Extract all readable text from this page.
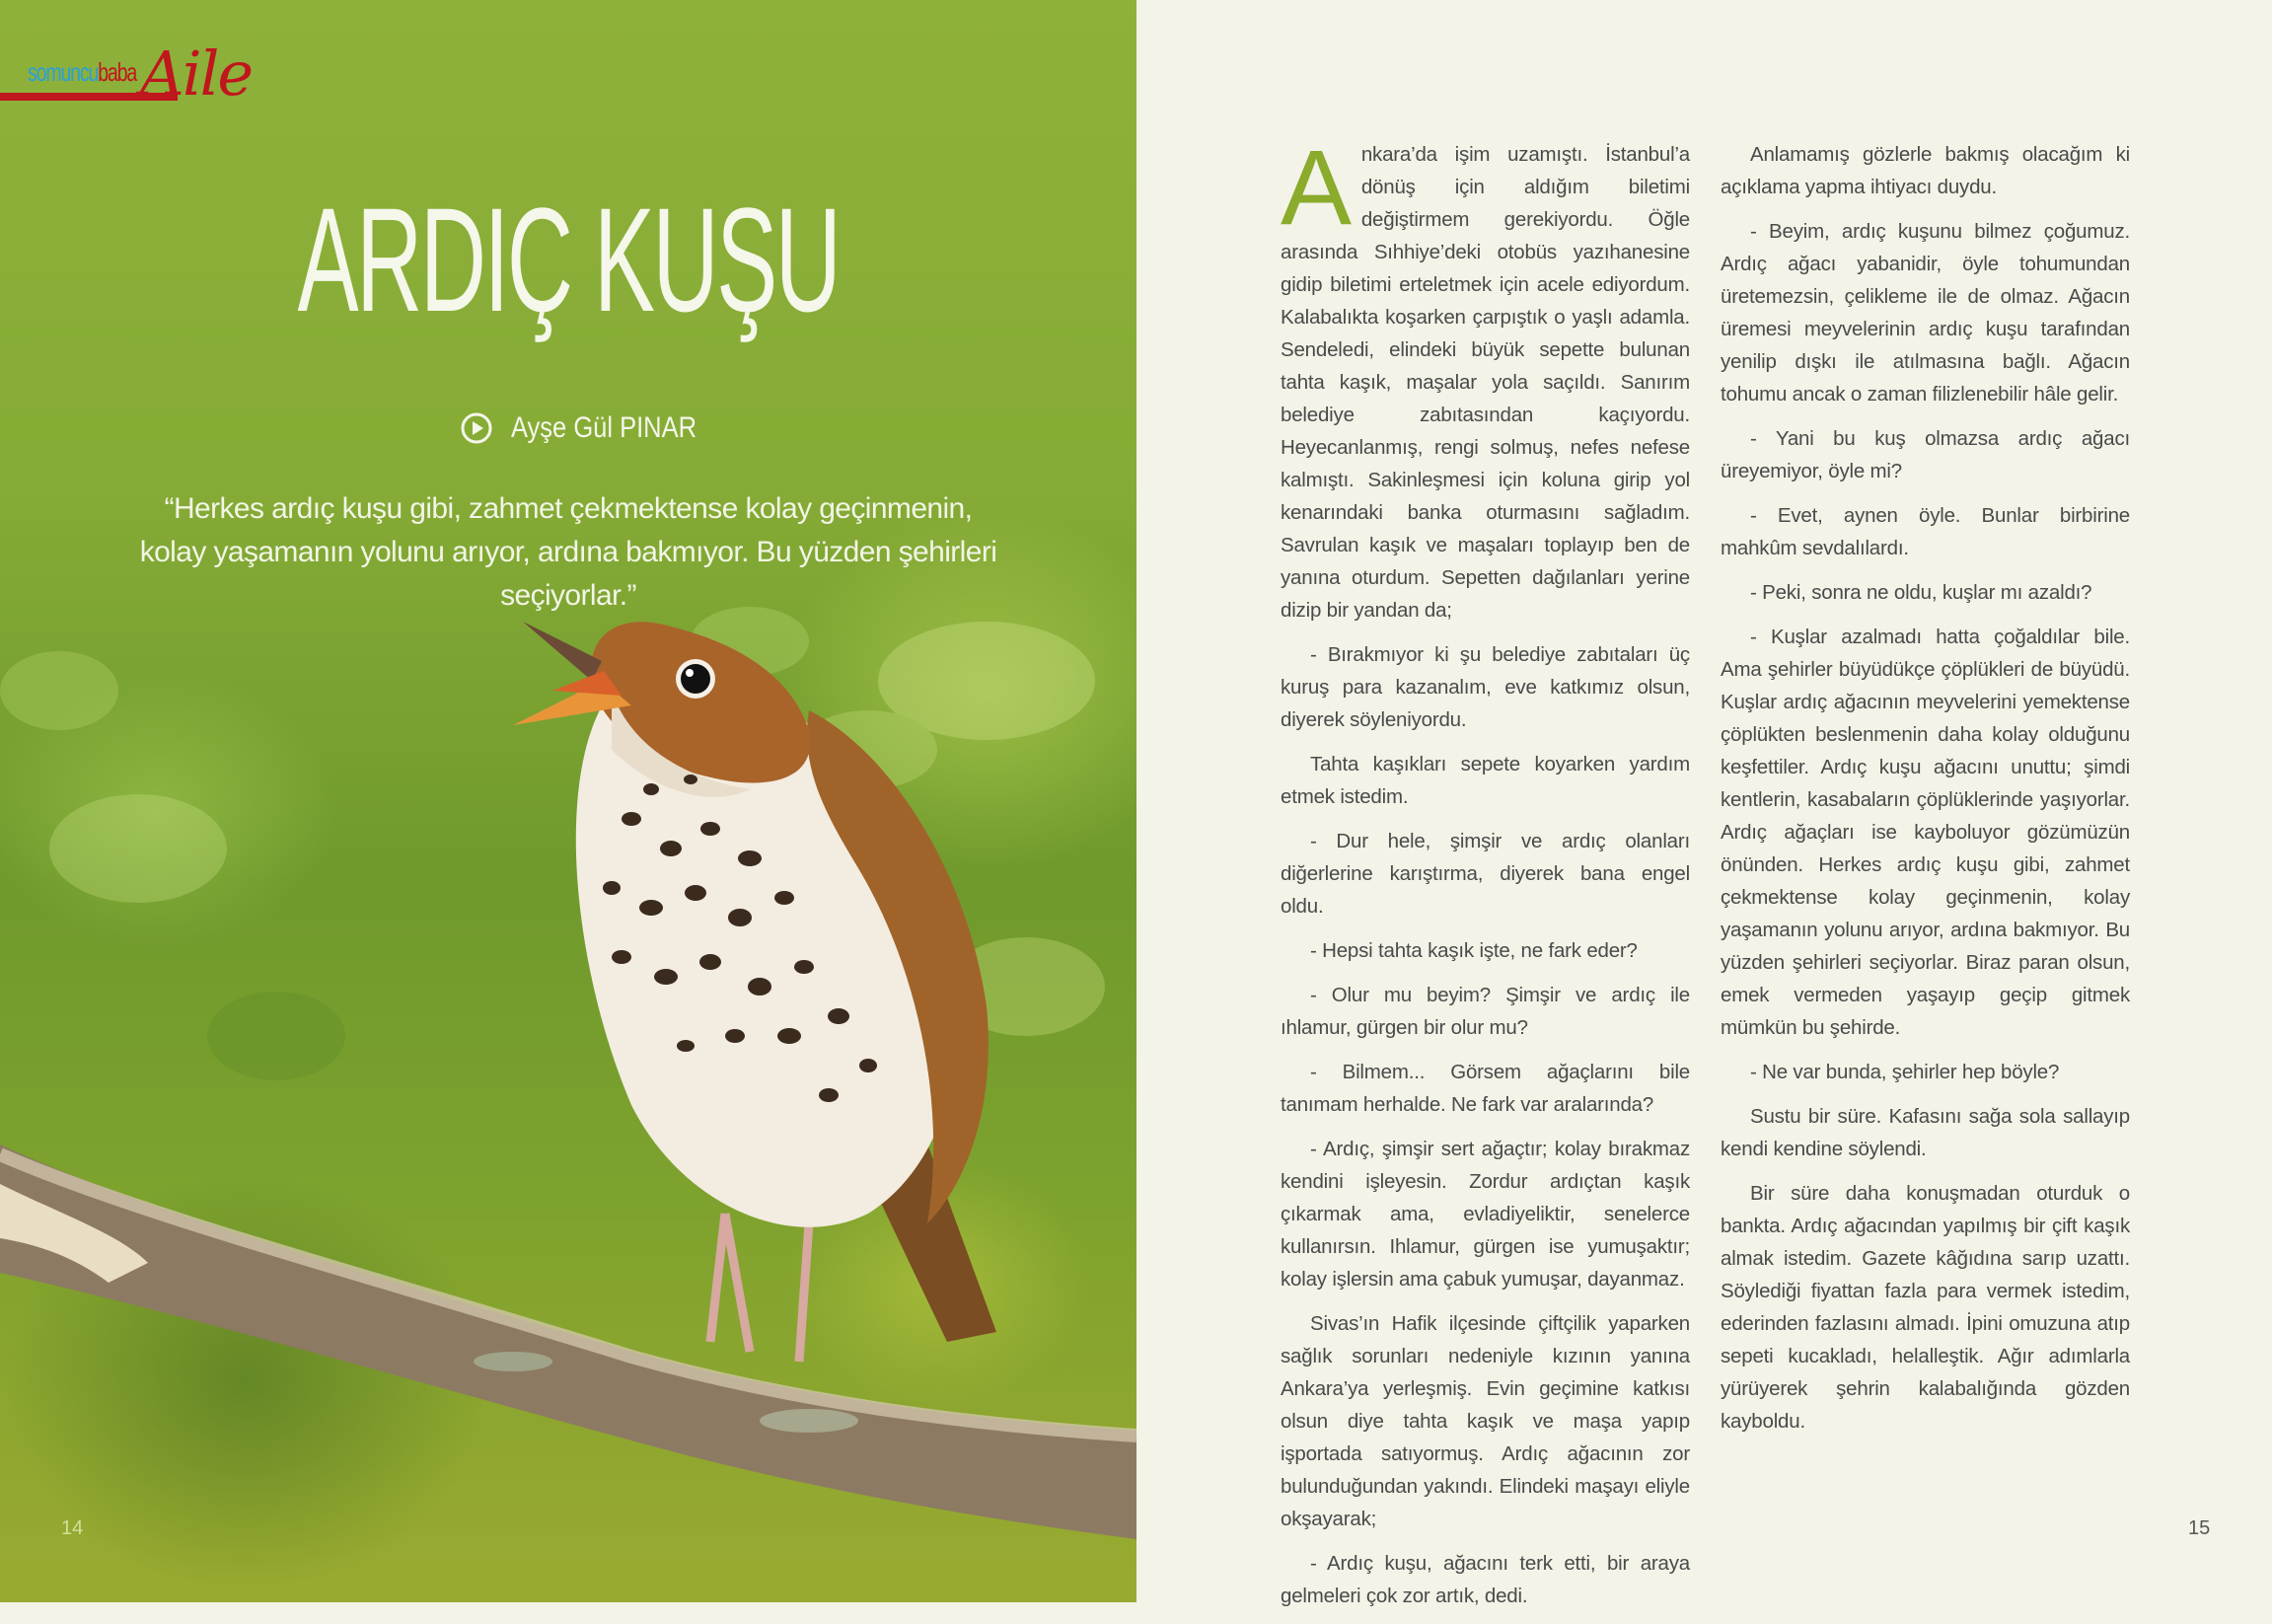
somuncubaba Aile
ARDIÇ KUŞU
Ayşe Gül PINAR

“Herkes ardıç kuşu gibi, zahmet çekmektense kolay geçinmenin, kolay yaşamanın yolunu arıyor, ardına bakmıyor. Bu yüzden şehirleri seçiyorlar.”

14

Ankara’da işim uzamıştı. İstanbul’a dönüş için aldığım biletimi değiştirmem gerekiyordu. Öğle arasında Sıhhiye’deki otobüs yazıhanesine gidip biletimi erteletmek için acele ediyordum. Kalabalıkta koşarken çarpıştık o yaşlı adamla. Sendeledi, elindeki büyük sepette bulunan tahta kaşık, maşalar yola saçıldı. Sanırım belediye zabıtasından kaçıyordu. Heyecanlanmış, rengi solmuş, nefes nefese kalmıştı. Sakinleşmesi için koluna girip yol kenarındaki banka oturmasını sağladım. Savrulan kaşık ve maşaları toplayıp ben de yanına oturdum. Sepetten dağılanları yerine dizip bir yandan da;

- Bırakmıyor ki şu belediye zabıtaları üç kuruş para kazanalım, eve katkımız olsun, diyerek söyleniyordu.

Tahta kaşıkları sepete koyarken yardım etmek istedim.

- Dur hele, şimşir ve ardıç olanları diğerlerine karıştırma, diyerek bana engel oldu.

- Hepsi tahta kaşık işte, ne fark eder?

- Olur mu beyim? Şimşir ve ardıç ile ıhlamur, gürgen bir olur mu?

- Bilmem... Görsem ağaçlarını bile tanımam herhalde. Ne fark var aralarında?

- Ardıç, şimşir sert ağaçtır; kolay bırakmaz kendini işleyesin. Zordur ardıçtan kaşık çıkarmak ama, evladiyeliktir, senelerce kullanırsın. Ihlamur, gürgen ise yumuşaktır; kolay işlersin ama çabuk yumuşar, dayanmaz.

Sivas’ın Hafik ilçesinde çiftçilik yaparken sağlık sorunları nedeniyle kızının yanına Ankara’ya yerleşmiş. Evin geçimine katkısı olsun diye tahta kaşık ve maşa yapıp işportada satıyormuş. Ardıç ağacının zor bulunduğundan yakındı. Elindeki maşayı eliyle okşayarak;

- Ardıç kuşu, ağacını terk etti, bir araya gelmeleri çok zor artık, dedi.

Anlamamış gözlerle bakmış olacağım ki açıklama yapma ihtiyacı duydu.

- Beyim, ardıç kuşunu bilmez çoğumuz. Ardıç ağacı yabanidir, öyle tohumundan üretemezsin, çelikleme ile de olmaz. Ağacın üremesi meyvelerinin ardıç kuşu tarafından yenilip dışkı ile atılmasına bağlı. Ağacın tohumu ancak o zaman filizlenebilir hâle gelir.

- Yani bu kuş olmazsa ardıç ağacı üreyemiyor, öyle mi?

- Evet, aynen öyle. Bunlar birbirine mahkûm sevdalılardı.

- Peki, sonra ne oldu, kuşlar mı azaldı?

- Kuşlar azalmadı hatta çoğaldılar bile. Ama şehirler büyüdükçe çöplükleri de büyüdü. Kuşlar ardıç ağacının meyvelerini yemektense çöplükten beslenmenin daha kolay olduğunu keşfettiler. Ardıç kuşu ağacını unuttu; şimdi kentlerin, kasabaların çöplüklerinde yaşıyorlar. Ardıç ağaçları ise kayboluyor gözümüzün önünden. Herkes ardıç kuşu gibi, zahmet çekmektense kolay geçinmenin, kolay yaşamanın yolunu arıyor, ardına bakmıyor. Bu yüzden şehirleri seçiyorlar. Biraz paran olsun, emek vermeden yaşayıp geçip gitmek mümkün bu şehirde.

- Ne var bunda, şehirler hep böyle?

Sustu bir süre. Kafasını sağa sola sallayıp kendi kendine söylendi.

Bir süre daha konuşmadan oturduk o bankta. Ardıç ağacından yapılmış bir çift kaşık almak istedim. Gazete kâğıdına sarıp uzattı. Söylediği fiyattan fazla para vermek istedim, ederinden fazlasını almadı. İpini omuzuna atıp sepeti kucakladı, helalleştik. Ağır adımlarla yürüyerek şehrin kalabalığında gözden kayboldu.

15
